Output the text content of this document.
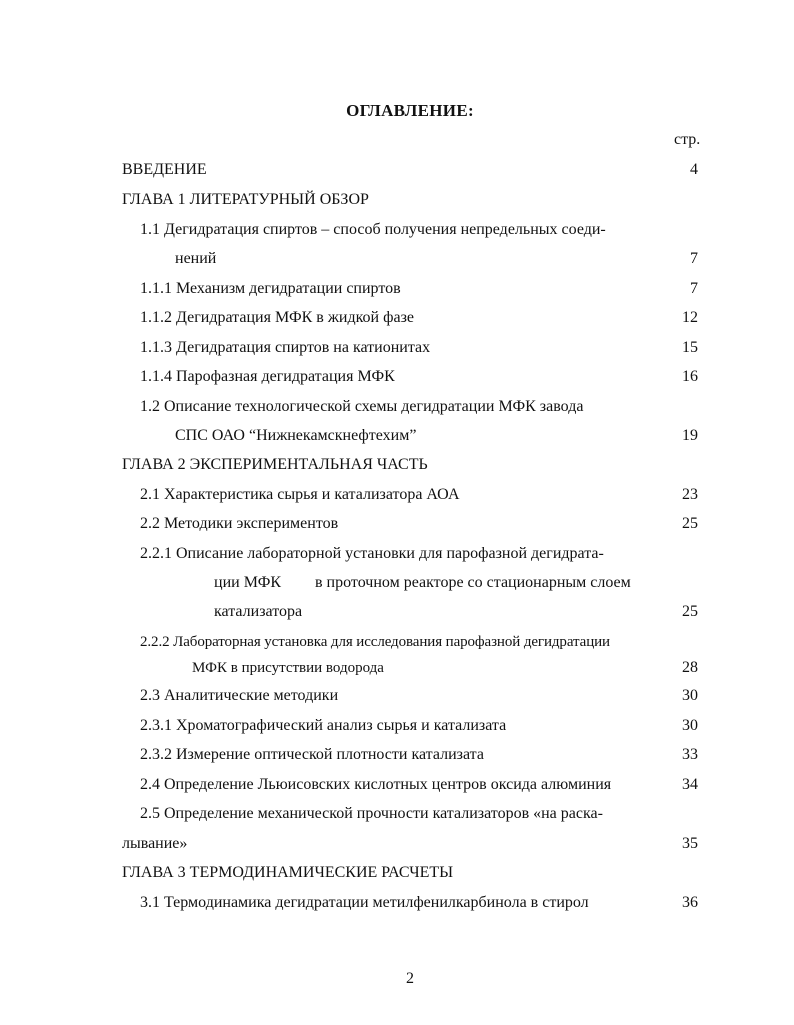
ОГЛАВЛЕНИЕ:
стр.
ВВЕДЕНИЕ	4
ГЛАВА 1 ЛИТЕРАТУРНЫЙ ОБЗОР
1.1 Дегидратация спиртов – способ получения непредельных соеди-
нений	7
1.1.1 Механизм дегидратации спиртов	7
1.1.2 Дегидратация МФК в жидкой фазе	12
1.1.3 Дегидратация спиртов на катионитах	15
1.1.4 Парофазная дегидратация МФК	16
1.2 Описание технологической схемы дегидратации МФК завода
СПС ОАО “Нижнекамскнефтехим”	19
ГЛАВА 2 ЭКСПЕРИМЕНТАЛЬНАЯ ЧАСТЬ
2.1 Характеристика сырья и катализатора АОА	23
2.2 Методики экспериментов	25
2.2.1 Описание лабораторной установки для парофазной дегидрата-
ции МФК в проточном реакторе со стационарным слоем
катализатора	25
2.2.2 Лабораторная установка для исследования парофазной дегидратации
МФК в присутствии водорода	28
2.3 Аналитические методики	30
2.3.1 Хроматографический анализ сырья и катализата	30
2.3.2 Измерение оптической плотности катализата	33
2.4 Определение Льюисовских кислотных центров оксида алюминия	34
2.5 Определение механической прочности катализаторов «на раска-
лывание»	35
ГЛАВА 3 ТЕРМОДИНАМИЧЕСКИЕ РАСЧЕТЫ
3.1 Термодинамика дегидратации метилфенилкарбинола в стирол	36
2
